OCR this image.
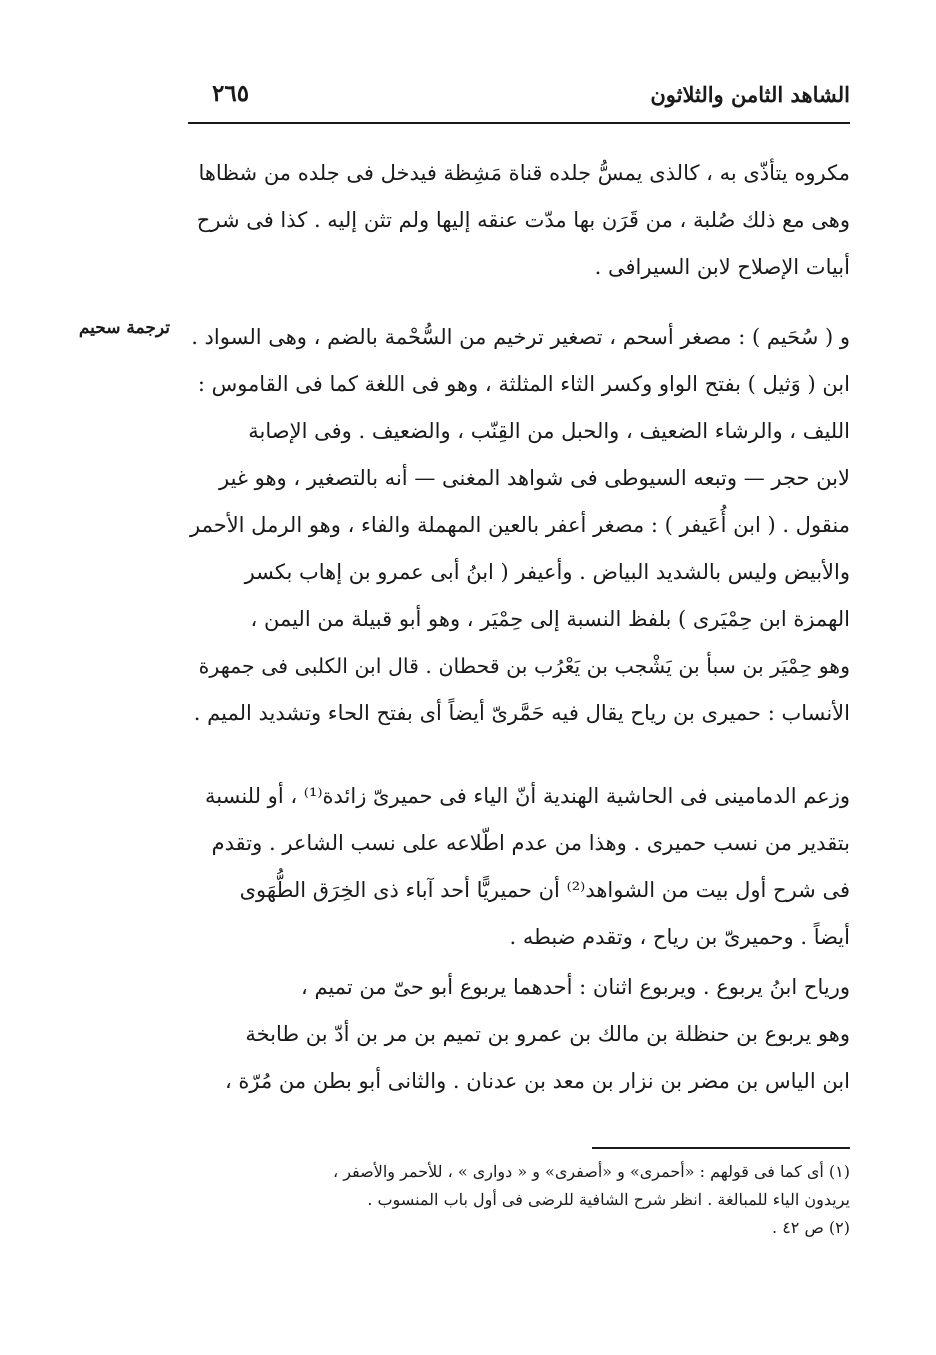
الشاهد الثامن والثلاثون
٢٦٥
ترجمة سحيم
مكروه يتأذّى به ، كالذى يمسُّ جلده قناة مَشِظة فيدخل فى جلده من شظاها
وهى مع ذلك صُلبة ، من قَرَن بها مدّت عنقه إليها ولم تثن إليه . كذا فى شرح
أبيات الإصلاح لابن السيرافى .
و ( سُحَيم ) : مصغر أسحم ، تصغير ترخيم من السُّحْمة بالضم ، وهى السواد .
ابن ( وَثيل ) بفتح الواو وكسر الثاء المثلثة ، وهو فى اللغة كما فى القاموس :
الليف ، والرشاء الضعيف ، والحبل من القِنّب ، والضعيف . وفى الإصابة
لابن حجر — وتبعه السيوطى فى شواهد المغنى — أنه بالتصغير ، وهو غير
منقول . ( ابن أُعَيفر ) : مصغر أعفر بالعين المهملة والفاء ، وهو الرمل الأحمر
والأبيض وليس بالشديد البياض . وأعيفر ( ابنُ أبى عمرو بن إهاب بكسر
الهمزة ابن حِمْيَرى ) بلفظ النسبة إلى حِمْيَر ، وهو أبو قبيلة من اليمن ،
وهو حِمْيَر بن سبأ بن يَشْجب بن يَعْرُب بن قحطان . قال ابن الكلبى فى جمهرة
الأنساب : حميرى بن رياح يقال فيه حَمَّرىّ أيضاً أى بفتح الحاء وتشديد الميم .
وزعم الدمامينى فى الحاشية الهندية أنّ الياء فى حميرىّ زائدة⁽¹⁾ ، أو للنسبة
بتقدير من نسب حميرى . وهذا من عدم اطّلاعه على نسب الشاعر . وتقدم
فى شرح أول بيت من الشواهد⁽²⁾ أن حميريًّا أحد آباء ذى الخِرَق الطُّهَوى
أيضاً . وحميرىّ بن رياح ، وتقدم ضبطه .
ورياح ابنُ يربوع . ويربوع اثنان : أحدهما يربوع أبو حىّ من تميم ،
وهو يربوع بن حنظلة بن مالك بن عمرو بن تميم بن مر بن أدّ بن طابخة
ابن الياس بن مضر بن نزار بن معد بن عدنان . والثانى أبو بطن من مُرّة ،
(١) أى كما فى قولهم : «أحمرى» و «أصفرى» و « دوارى » ، للأحمر والأصفر ،
يريدون الياء للمبالغة . انظر شرح الشافية للرضى فى أول باب المنسوب .
(٢) ص ٤٢ .
